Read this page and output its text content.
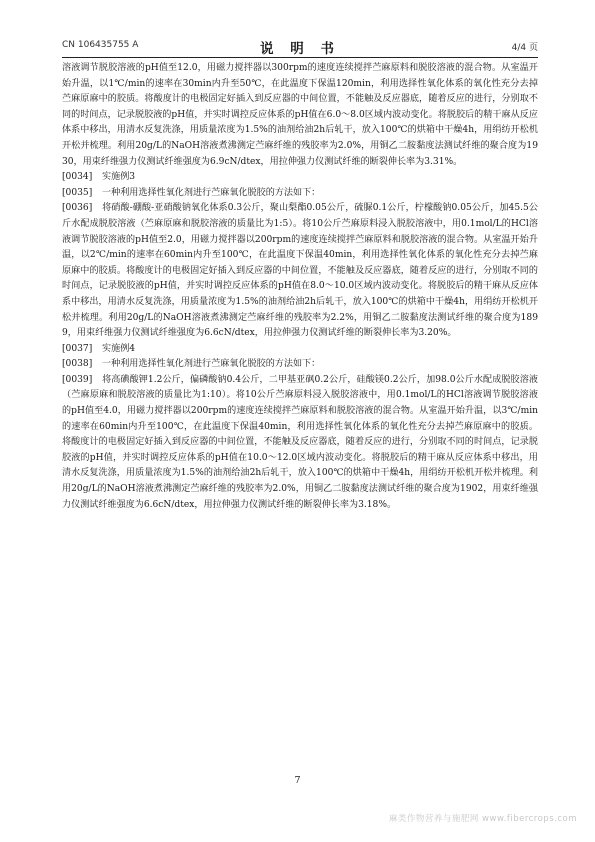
CN 106435755 A	说 明 书	4/4 页

溶液调节脱胶溶液的pH值至12.0，用磁力搅拌器以300rpm的速度连续搅拌苎麻原料和脱胶溶液的混合物。从室温开始升温，以1℃/min的速率在30min内升至50℃，在此温度下保温120min，利用选择性氧化体系的氧化性充分去掉苎麻原麻中的胶质。将酸度计的电极固定好插入到反应器的中间位置，不能触及反应器底，随着反应的进行，分别取不同的时间点，记录脱胶液的pH值，并实时调控反应体系的pH值在6.0～8.0区域内波动变化。将脱胶后的精干麻从反应体系中移出，用清水反复洗涤，用质量浓度为1.5%的油剂给油2h后轧干，放入100℃的烘箱中干燥4h，用绢纺开松机开松并梳理。利用20g/L的NaOH溶液煮沸测定苎麻纤维的残胶率为2.0%，用铜乙二胺黏度法测试纤维的聚合度为1930，用束纤维强力仪测试纤维强度为6.9cN/dtex，用拉伸强力仪测试纤维的断裂伸长率为3.31%。

[0034] 实施例3

[0035] 一种利用选择性氧化剂进行苎麻氧化脱胶的方法如下：

[0036] 将硝酸-硼酸-亚硝酸钠氧化体系0.3公斤，聚山梨酯0.05公斤，硫脲0.1公斤，柠檬酸钠0.05公斤，加45.5公斤水配成脱胶溶液（苎麻原麻和脱胶溶液的质量比为1:5）。将10公斤苎麻原料浸入脱胶溶液中，用0.1mol/L的HCl溶液调节脱胶溶液的pH值至2.0，用磁力搅拌器以200rpm的速度连续搅拌苎麻原料和脱胶溶液的混合物。从室温开始升温，以2℃/min的速率在60min内升至100℃，在此温度下保温40min，利用选择性氧化体系的氧化性充分去掉苎麻原麻中的胶质。将酸度计的电极固定好插入到反应器的中间位置，不能触及反应器底，随着反应的进行，分别取不同的时间点，记录脱胶液的pH值，并实时调控反应体系的pH值在8.0～10.0区域内波动变化。将脱胶后的精干麻从反应体系中移出，用清水反复洗涤，用质量浓度为1.5%的油剂给油2h后轧干，放入100℃的烘箱中干燥4h，用绢纺开松机开松并梳理。利用20g/L的NaOH溶液煮沸测定苎麻纤维的残胶率为2.2%，用铜乙二胺黏度法测试纤维的聚合度为1899，用束纤维强力仪测试纤维强度为6.6cN/dtex，用拉伸强力仪测试纤维的断裂伸长率为3.20%。

[0037] 实施例4

[0038] 一种利用选择性氧化剂进行苎麻氧化脱胶的方法如下：

[0039] 将高碘酸钾1.2公斤，偏磷酸钠0.4公斤，二甲基亚砜0.2公斤，硅酸镁0.2公斤，加98.0公斤水配成脱胶溶液（苎麻原麻和脱胶溶液的质量比为1:10）。将10公斤苎麻原料浸入脱胶溶液中，用0.1mol/L的HCl溶液调节脱胶溶液的pH值至4.0，用磁力搅拌器以200rpm的速度连续搅拌苎麻原料和脱胶溶液的混合物。从室温开始升温，以3℃/min的速率在60min内升至100℃，在此温度下保温40min，利用选择性氧化体系的氧化性充分去掉苎麻原麻中的胶质。将酸度计的电极固定好插入到反应器的中间位置，不能触及反应器底，随着反应的进行，分别取不同的时间点，记录脱胶液的pH值，并实时调控反应体系的pH值在10.0～12.0区域内波动变化。将脱胶后的精干麻从反应体系中移出，用清水反复洗涤，用质量浓度为1.5%的油剂给油2h后轧干，放入100℃的烘箱中干燥4h，用绢纺开松机开松并梳理。利用20g/L的NaOH溶液煮沸测定苎麻纤维的残胶率为2.0%，用铜乙二胺黏度法测试纤维的聚合度为1902，用束纤维强力仪测试纤维强度为6.6cN/dtex，用拉伸强力仪测试纤维的断裂伸长率为3.18%。

7
麻类作物营养与施肥网 www.fibercrops.com
